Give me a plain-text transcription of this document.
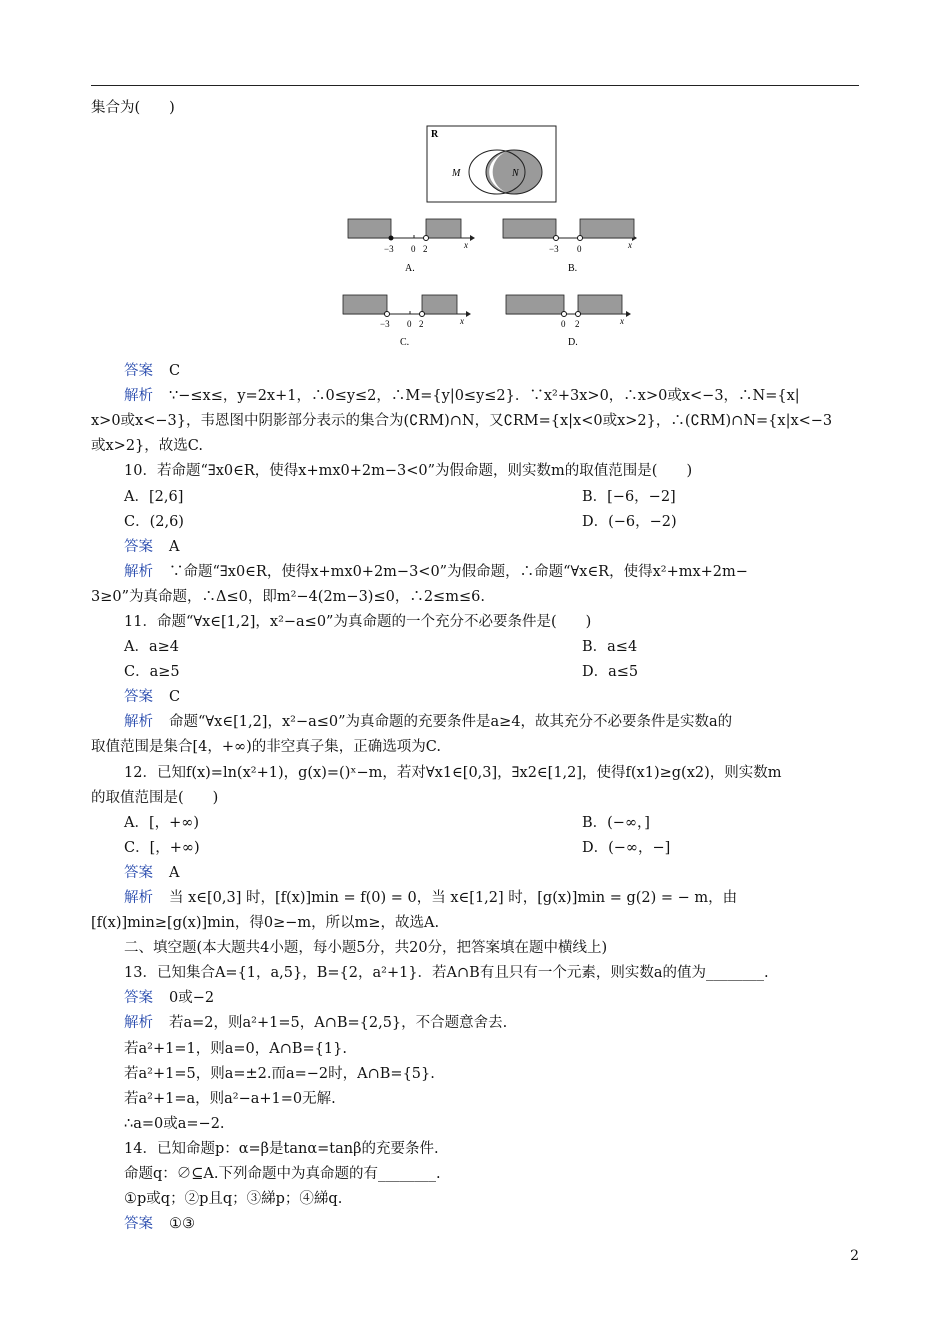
集合为(　　)
R
M	N
−3 0 2	x
A.
−3 0	x
B.
−3 0 2	x
C.
0 2	x
D.
答案 C
解析 ∵−≤x≤，y=2x+1，∴0≤y≤2，∴M={y|0≤y≤2}．∵x²+3x>0，∴x>0或x<−3，∴N={x|
x>0或x<−3}，韦恩图中阴影部分表示的集合为(∁RM)∩N，又∁RM={x|x<0或x>2}，∴(∁RM)∩N={x|x<−3
或x>2}，故选C.
10．若命题“∃x0∈R，使得x+mx0+2m−3<0”为假命题，则实数m的取值范围是(　　)
A．[2,6]	B．[−6，−2]
C．(2,6)	D．(−6，−2)
答案 A
解析 ∵命题“∃x0∈R，使得x+mx0+2m−3<0”为假命题，∴命题“∀x∈R，使得x²+mx+2m−
3≥0”为真命题，∴Δ≤0，即m²−4(2m−3)≤0，∴2≤m≤6.
11．命题“∀x∈[1,2]，x²−a≤0”为真命题的一个充分不必要条件是(　　)
A．a≥4	B．a≤4
C．a≥5	D．a≤5
答案 C
解析 命题“∀x∈[1,2]，x²−a≤0”为真命题的充要条件是a≥4，故其充分不必要条件是实数a的
取值范围是集合[4，+∞)的非空真子集，正确选项为C.
12．已知f(x)=ln(x²+1)，g(x)=()ˣ−m，若对∀x1∈[0,3]，∃x2∈[1,2]，使得f(x1)≥g(x2)，则实数m
的取值范围是(　　)
A．[，+∞)	B．(−∞，]
C．[，+∞)	D．(−∞，−]
答案 A
解析 当 x∈[0,3] 时，[f(x)]min = f(0) = 0，当 x∈[1,2] 时，[g(x)]min = g(2) = − m，由
[f(x)]min≥[g(x)]min，得0≥−m，所以m≥，故选A.
二、填空题(本大题共4小题，每小题5分，共20分，把答案填在题中横线上)
13．已知集合A={1，a,5}，B={2，a²+1}．若A∩B有且只有一个元素，则实数a的值为________.
答案 0或−2
解析 若a=2，则a²+1=5，A∩B={2,5}，不合题意舍去.
若a²+1=1，则a=0，A∩B={1}.
若a²+1=5，则a=±2.而a=−2时，A∩B={5}.
若a²+1=a，则a²−a+1=0无解.
∴a=0或a=−2.
14．已知命题p：α=β是tanα=tanβ的充要条件.
命题q：∅⊆A.下列命题中为真命题的有________.
①p或q；②p且q；③綈p；④綈q.
答案 ①③
2
